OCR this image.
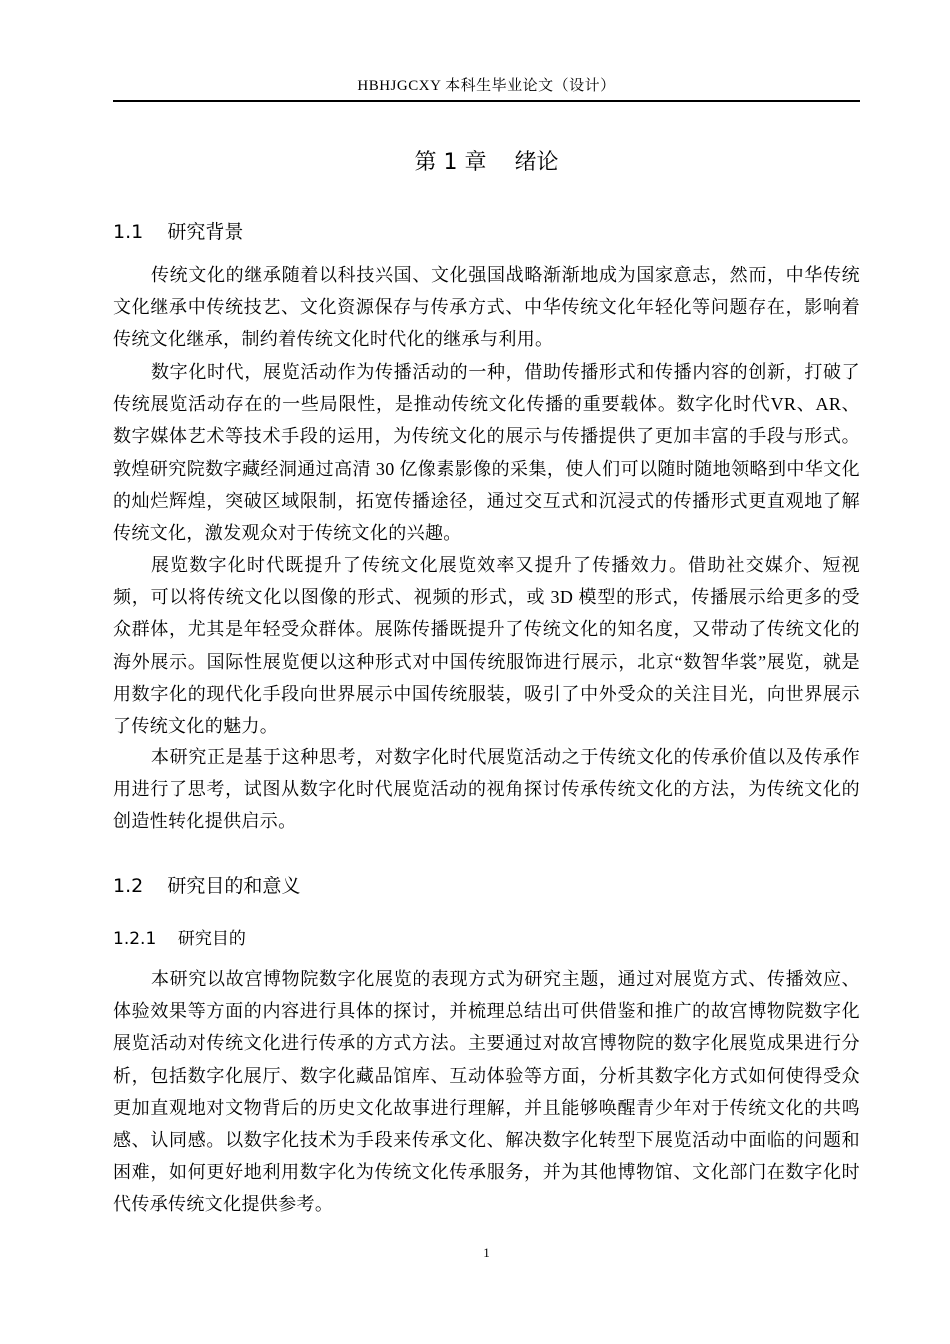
HBHJGCXY 本科生毕业论文（设计）
第 1 章    绪论
1.1    研究背景

传统文化的继承随着以科技兴国、文化强国战略渐渐地成为国家意志，然而，中华传统文化继承中传统技艺、文化资源保存与传承方式、中华传统文化年轻化等问题存在，影响着传统文化继承，制约着传统文化时代化的继承与利用。

数字化时代，展览活动作为传播活动的一种，借助传播形式和传播内容的创新，打破了传统展览活动存在的一些局限性，是推动传统文化传播的重要载体。数字化时代VR、AR、数字媒体艺术等技术手段的运用，为传统文化的展示与传播提供了更加丰富的手段与形式。敦煌研究院数字藏经洞通过高清 30 亿像素影像的采集，使人们可以随时随地领略到中华文化的灿烂辉煌，突破区域限制，拓宽传播途径，通过交互式和沉浸式的传播形式更直观地了解传统文化，激发观众对于传统文化的兴趣。

展览数字化时代既提升了传统文化展览效率又提升了传播效力。借助社交媒介、短视频，可以将传统文化以图像的形式、视频的形式，或 3D 模型的形式，传播展示给更多的受众群体，尤其是年轻受众群体。展陈传播既提升了传统文化的知名度，又带动了传统文化的海外展示。国际性展览便以这种形式对中国传统服饰进行展示，北京“数智华裳”展览，就是用数字化的现代化手段向世界展示中国传统服装，吸引了中外受众的关注目光，向世界展示了传统文化的魅力。

本研究正是基于这种思考，对数字化时代展览活动之于传统文化的传承价值以及传承作用进行了思考，试图从数字化时代展览活动的视角探讨传承传统文化的方法，为传统文化的创造性转化提供启示。

1.2    研究目的和意义
1.2.1    研究目的

本研究以故宫博物院数字化展览的表现方式为研究主题，通过对展览方式、传播效应、体验效果等方面的内容进行具体的探讨，并梳理总结出可供借鉴和推广的故宫博物院数字化展览活动对传统文化进行传承的方式方法。主要通过对故宫博物院的数字化展览成果进行分析，包括数字化展厅、数字化藏品馆库、互动体验等方面，分析其数字化方式如何使得受众更加直观地对文物背后的历史文化故事进行理解，并且能够唤醒青少年对于传统文化的共鸣感、认同感。以数字化技术为手段来传承文化、解决数字化转型下展览活动中面临的问题和困难，如何更好地利用数字化为传统文化传承服务，并为其他博物馆、文化部门在数字化时代传承传统文化提供参考。

1
